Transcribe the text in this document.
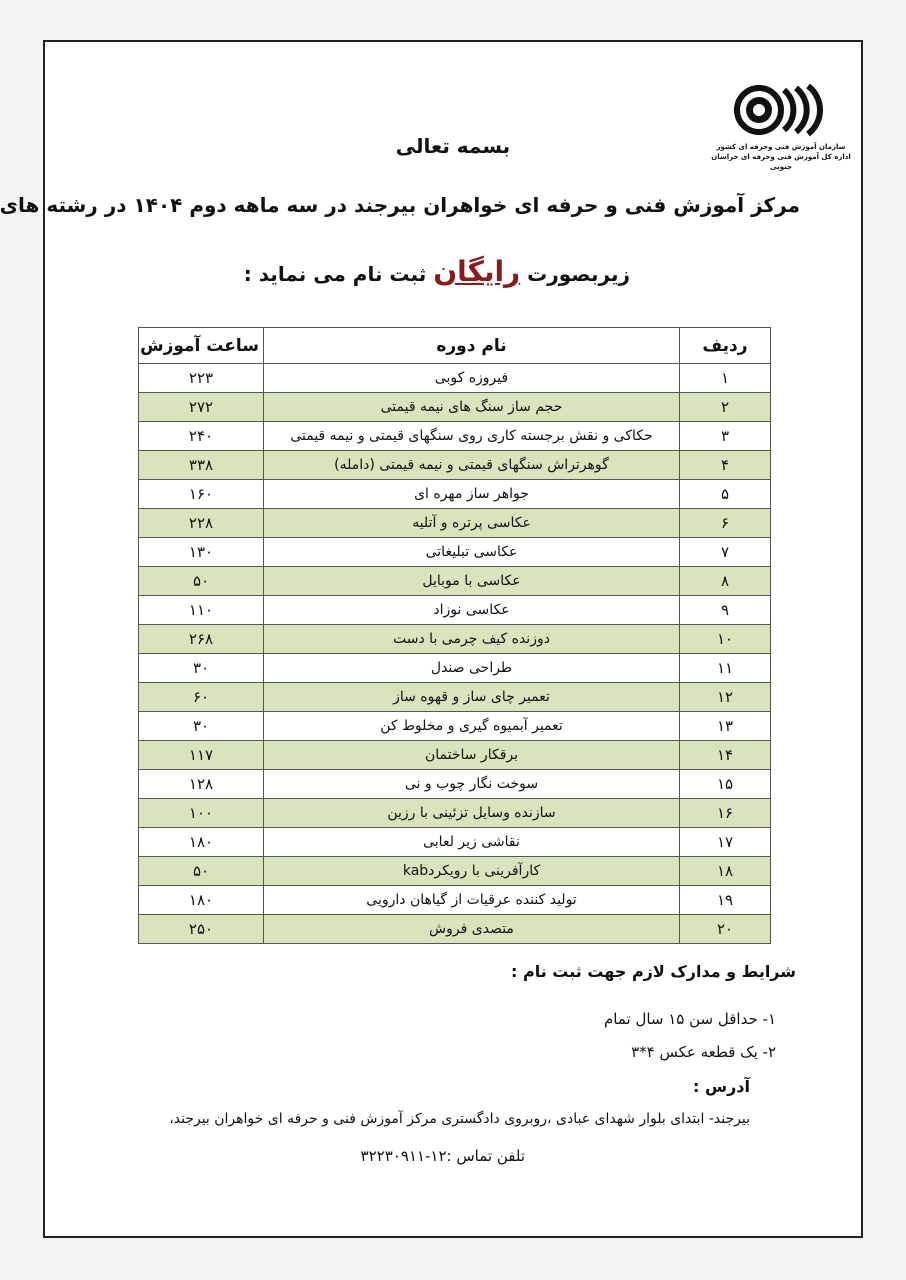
سازمان آموزش فنی وحرفه ای کشور
اداره کل آموزش فنی وحرفه ای خراسان جنوبی
بسمه تعالی
مرکز آموزش فنی و حرفه ای خواهران بیرجند در سه ماهه دوم ۱۴۰۴ در رشته های
زیربصورت رایگان ثبت نام می نماید :
ردیف	نام دوره	ساعت آموزش
۱	فیروزه کوبی	۲۲۳
۲	حجم ساز سنگ های نیمه قیمتی	۲۷۲
۳	حکاکی و نقش برجسته کاری روی سنگهای قیمتی و نیمه قیمتی	۲۴۰
۴	گوهرتراش سنگهای قیمتی و نیمه قیمتی (دامله)	۳۳۸
۵	جواهر ساز مهره ای	۱۶۰
۶	عکاسی پرتره و آتلیه	۲۲۸
۷	عکاسی تبلیغاتی	۱۳۰
۸	عکاسی با موبایل	۵۰
۹	عکاسی نوزاد	۱۱۰
۱۰	دوزنده کیف چرمی با دست	۲۶۸
۱۱	طراحی صندل	۳۰
۱۲	تعمیر چای ساز و قهوه ساز	۶۰
۱۳	تعمیر آبمیوه گیری و مخلوط کن	۳۰
۱۴	برقکار ساختمان	۱۱۷
۱۵	سوخت نگار چوب و نی	۱۲۸
۱۶	سازنده وسایل تزئینی با رزین	۱۰۰
۱۷	نقاشی زیر لعابی	۱۸۰
۱۸	کارآفرینی با رویکردkab	۵۰
۱۹	تولید کننده عرقیات از گیاهان دارویی	۱۸۰
۲۰	متصدی فروش	۲۵۰
شرایط و مدارک لازم جهت ثبت نام :
۱- حداقل سن ۱۵ سال تمام
۲- یک قطعه عکس ۴*۳
آدرس :
بیرجند- ابتدای بلوار شهدای عبادی ،روبروی دادگستری مرکز آموزش فنی و حرفه ای خواهران بیرجند،
تلفن تماس :۱۲-۳۲۲۳۰۹۱۱
